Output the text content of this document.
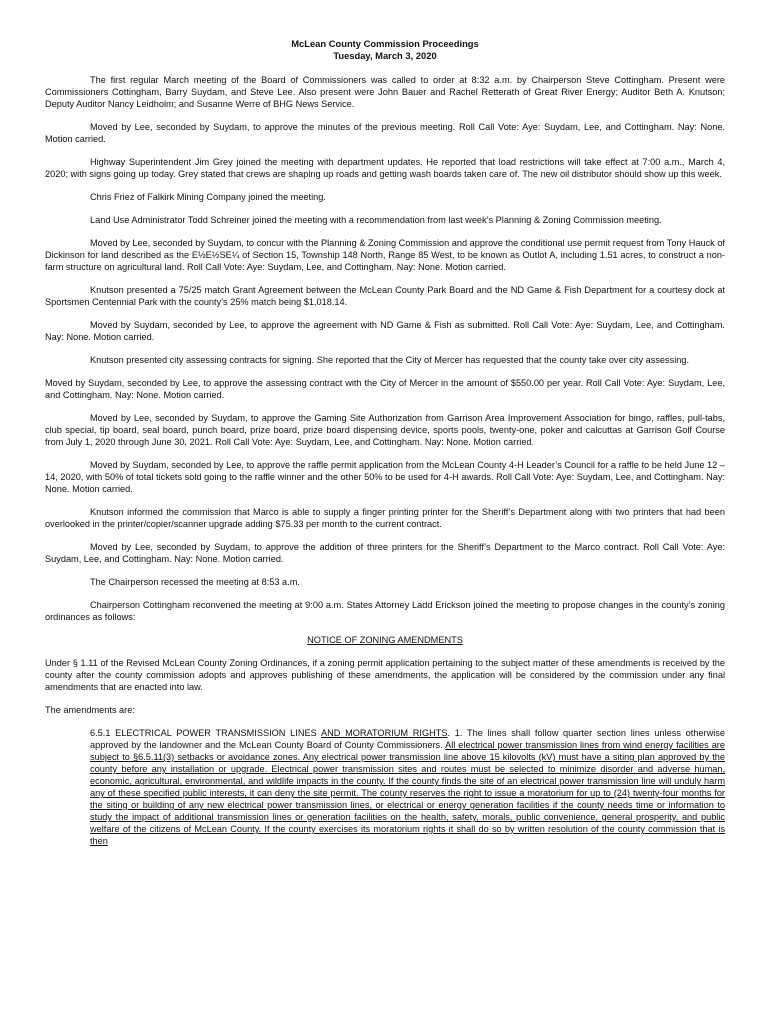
McLean County Commission Proceedings
Tuesday, March 3, 2020

The first regular March meeting of the Board of Commissioners was called to order at 8:32 a.m. by Chairperson Steve Cottingham. Present were Commissioners Cottingham, Barry Suydam, and Steve Lee. Also present were John Bauer and Rachel Retterath of Great River Energy; Auditor Beth A. Knutson; Deputy Auditor Nancy Leidholm; and Susanne Werre of BHG News Service.

Moved by Lee, seconded by Suydam, to approve the minutes of the previous meeting. Roll Call Vote: Aye: Suydam, Lee, and Cottingham. Nay: None. Motion carried.

Highway Superintendent Jim Grey joined the meeting with department updates. He reported that load restrictions will take effect at 7:00 a.m., March 4, 2020; with signs going up today. Grey stated that crews are shaping up roads and getting wash boards taken care of. The new oil distributor should show up this week.

Chris Friez of Falkirk Mining Company joined the meeting.

Land Use Administrator Todd Schreiner joined the meeting with a recommendation from last week’s Planning & Zoning Commission meeting.

Moved by Lee, seconded by Suydam, to concur with the Planning & Zoning Commission and approve the conditional use permit request from Tony Hauck of Dickinson for land described as the E½E½SE¼ of Section 15, Township 148 North, Range 85 West, to be known as Outlot A, including 1.51 acres, to construct a non-farm structure on agricultural land. Roll Call Vote: Aye: Suydam, Lee, and Cottingham. Nay: None. Motion carried.

Knutson presented a 75/25 match Grant Agreement between the McLean County Park Board and the ND Game & Fish Department for a courtesy dock at Sportsmen Centennial Park with the county’s 25% match being $1,018.14.

Moved by Suydam, seconded by Lee, to approve the agreement with ND Game & Fish as submitted. Roll Call Vote: Aye: Suydam, Lee, and Cottingham. Nay: None. Motion carried.

Knutson presented city assessing contracts for signing. She reported that the City of Mercer has requested that the county take over city assessing.

Moved by Suydam, seconded by Lee, to approve the assessing contract with the City of Mercer in the amount of $550.00 per year. Roll Call Vote: Aye: Suydam, Lee, and Cottingham. Nay: None. Motion carried.

Moved by Lee, seconded by Suydam, to approve the Gaming Site Authorization from Garrison Area Improvement Association for bingo, raffles, pull-tabs, club special, tip board, seal board, punch board, prize board, prize board dispensing device, sports pools, twenty-one, poker and calcuttas at Garrison Golf Course from July 1, 2020 through June 30, 2021. Roll Call Vote: Aye: Suydam, Lee, and Cottingham. Nay: None. Motion carried.

Moved by Suydam, seconded by Lee, to approve the raffle permit application from the McLean County 4-H Leader’s Council for a raffle to be held June 12 – 14, 2020, with 50% of total tickets sold going to the raffle winner and the other 50% to be used for 4-H awards. Roll Call Vote: Aye: Suydam, Lee, and Cottingham. Nay: None. Motion carried.

Knutson informed the commission that Marco is able to supply a finger printing printer for the Sheriff’s Department along with two printers that had been overlooked in the printer/copier/scanner upgrade adding $75.33 per month to the current contract.

Moved by Lee, seconded by Suydam, to approve the addition of three printers for the Sheriff’s Department to the Marco contract. Roll Call Vote: Aye: Suydam, Lee, and Cottingham. Nay: None. Motion carried.

The Chairperson recessed the meeting at 8:53 a.m.

Chairperson Cottingham reconvened the meeting at 9:00 a.m. States Attorney Ladd Erickson joined the meeting to propose changes in the county’s zoning ordinances as follows:

NOTICE OF ZONING AMENDMENTS

Under § 1.11 of the Revised McLean County Zoning Ordinances, if a zoning permit application pertaining to the subject matter of these amendments is received by the county after the county commission adopts and approves publishing of these amendments, the application will be considered by the commission under any final amendments that are enacted into law.

The amendments are:

6.5.1 ELECTRICAL POWER TRANSMISSION LINES AND MORATORIUM RIGHTS. 1. The lines shall follow quarter section lines unless otherwise approved by the landowner and the McLean County Board of County Commissioners. All electrical power transmission lines from wind energy facilities are subject to §6.5.11(3) setbacks or avoidance zones. Any electrical power transmission line above 15 kilovolts (kV) must have a siting plan approved by the county before any installation or upgrade. Electrical power transmission sites and routes must be selected to minimize disorder and adverse human, economic, agricultural, environmental, and wildlife impacts in the county. If the county finds the site of an electrical power transmission line will unduly harm any of these specified public interests, it can deny the site permit. The county reserves the right to issue a moratorium for up to (24) twenty-four months for the siting or building of any new electrical power transmission lines, or electrical or energy generation facilities if the county needs time or information to study the impact of additional transmission lines or generation facilities on the health, safety, morals, public convenience, general prosperity, and public welfare of the citizens of McLean County. If the county exercises its moratorium rights it shall do so by written resolution of the county commission that is then
